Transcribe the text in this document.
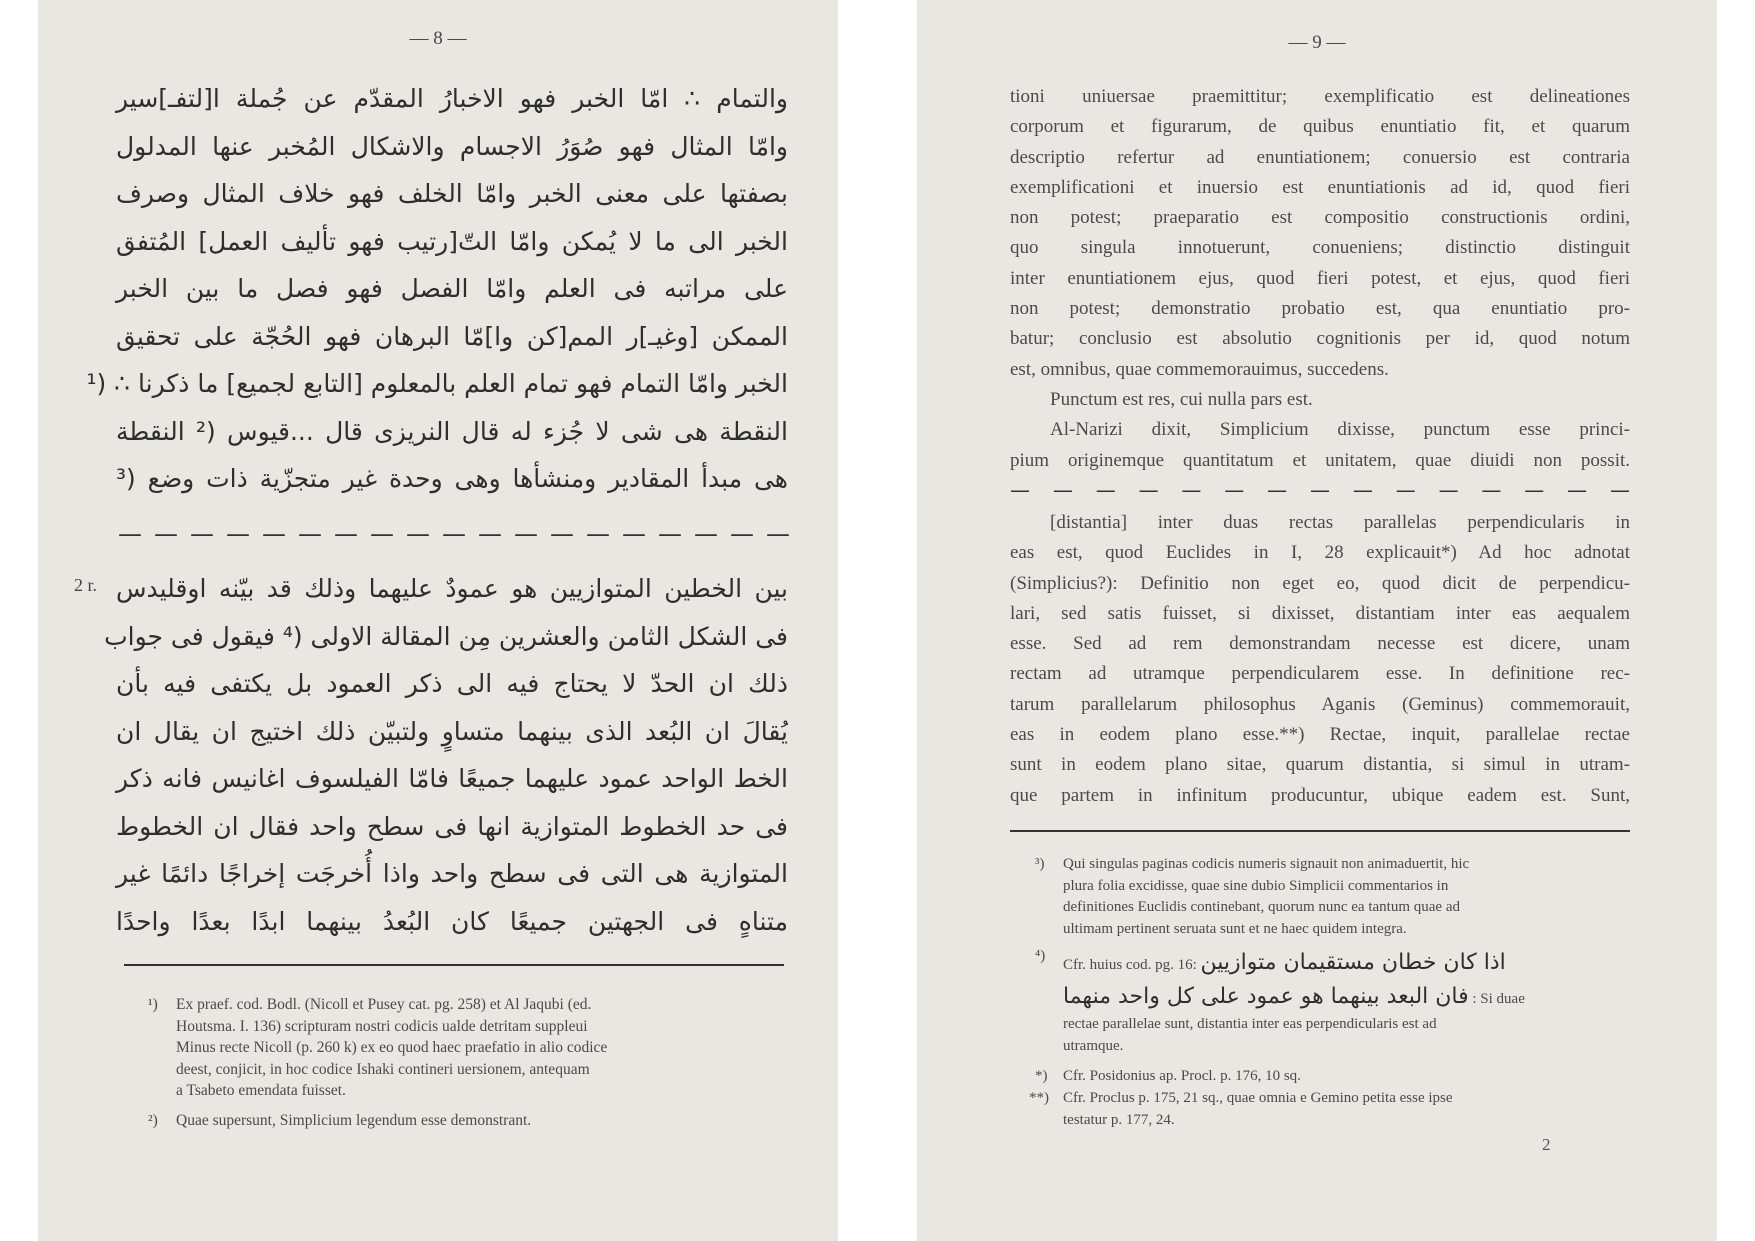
— 8 —
والتمام ∴ امّا الخبر فهو الاخبارُ المقدّم عن جُملة ا[لتفـ]سير
وامّا المثال فهو صُوَرُ الاجسام والاشكال المُخبر عنها المدلول
بصفتها على معنى الخبر وامّا الخلف فهو خلاف المثال وصرف
الخبر الى ما لا يُمكن وامّا التّ[رتيب فهو تأليف العمل] المُتفق
على مراتبه فى العلم وامّا الفصل فهو فصل ما بين الخبر
الممكن [وغيـ]ر المم[كن وا]مّا البرهان فهو الحُجّة على تحقيق
الخبر وامّا التمام فهو تمام العلم بالمعلوم [التابع لجميع] ما ذكرنا ∴ (¹
النقطة هى شى لا جُزء له قال النريزى قال ...قيوس (² النقطة
هى مبدأ المقادير ومنشأها وهى وحدة غير متجزّية ذات وضع (³
— — — — — — — — — — — — — — — — — — —
2 r. بين الخطين المتوازيين هو عمودٌ عليهما وذلك قد بيّنه اوقليدس
فى الشكل الثامن والعشرين مِن المقالة الاولى (⁴ فيقول فى جواب
ذلك ان الحدّ لا يحتاج فيه الى ذكر العمود بل يكتفى فيه بأن
يُقالَ ان البُعد الذى بينهما متساوٍ ولتبيّن ذلك اختيج ان يقال ان
الخط الواحد عمود عليهما جميعًا فامّا الفيلسوف اغانيس فانه ذكر
فى حد الخطوط المتوازية انها فى سطح واحد فقال ان الخطوط
المتوازية هى التى فى سطح واحد واذا أُخرجَت إخراجًا دائمًا غير
متناهٍ فى الجهتين جميعًا كان البُعدُ بينهما ابدًا بعدًا واحدًا
¹) Ex praef. cod. Bodl. (Nicoll et Pusey cat. pg. 258) et Al Jaqubi (ed.
Houtsma. I. 136) scripturam nostri codicis ualde detritam suppleui
Minus recte Nicoll (p. 260 k) ex eo quod haec praefatio in alio codice
deest, conjicit, in hoc codice Ishaki contineri uersionem, antequam
a Tsabeto emendata fuisset.
²) Quae supersunt, Simplicium legendum esse demonstrant.
— 9 —
tioni uniuersae praemittitur; exemplificatio est delineationes
corporum et figurarum, de quibus enuntiatio fit, et quarum
descriptio refertur ad enuntiationem; conuersio est contraria
exemplificationi et inuersio est enuntiationis ad id, quod fieri
non potest; praeparatio est compositio constructionis ordini,
quo singula innotuerunt, conueniens; distinctio distinguit
inter enuntiationem ejus, quod fieri potest, et ejus, quod fieri
non potest; demonstratio probatio est, qua enuntiatio pro-
batur; conclusio est absolutio cognitionis per id, quod notum
est, omnibus, quae commemorauimus, succedens.
Punctum est res, cui nulla pars est.
Al-Narizi dixit, Simplicium dixisse, punctum esse princi-
pium originemque quantitatum et unitatem, quae diuidi non possit.
— — — — — — — — — — — — — — —
[distantia] inter duas rectas parallelas perpendicularis in
eas est, quod Euclides in I, 28 explicauit*) Ad hoc adnotat
(Simplicius?): Definitio non eget eo, quod dicit de perpendicu-
lari, sed satis fuisset, si dixisset, distantiam inter eas aequalem
esse. Sed ad rem demonstrandam necesse est dicere, unam
rectam ad utramque perpendicularem esse. In definitione rec-
tarum parallelarum philosophus Aganis (Geminus) commemorauit,
eas in eodem plano esse.**) Rectae, inquit, parallelae rectae
sunt in eodem plano sitae, quarum distantia, si simul in utram-
que partem in infinitum producuntur, ubique eadem est. Sunt,
³) Qui singulas paginas codicis numeris signauit non animaduertit, hic
plura folia excidisse, quae sine dubio Simplicii commentarios in
definitiones Euclidis continebant, quorum nunc ea tantum quae ad
ultimam pertinent seruata sunt et ne haec quidem integra.
⁴)
Cfr. huius cod. pg. 16: اذا كان خطان مستقيمان متوازيين
فان البعد بينهما هو عمود على كل واحد منهما : Si duae
rectae parallelae sunt, distantia inter eas perpendicularis est ad
utramque.
*) Cfr. Posidonius ap. Procl. p. 176, 10 sq.
**) Cfr. Proclus p. 175, 21 sq., quae omnia e Gemino petita esse ipse
testatur p. 177, 24.
2
